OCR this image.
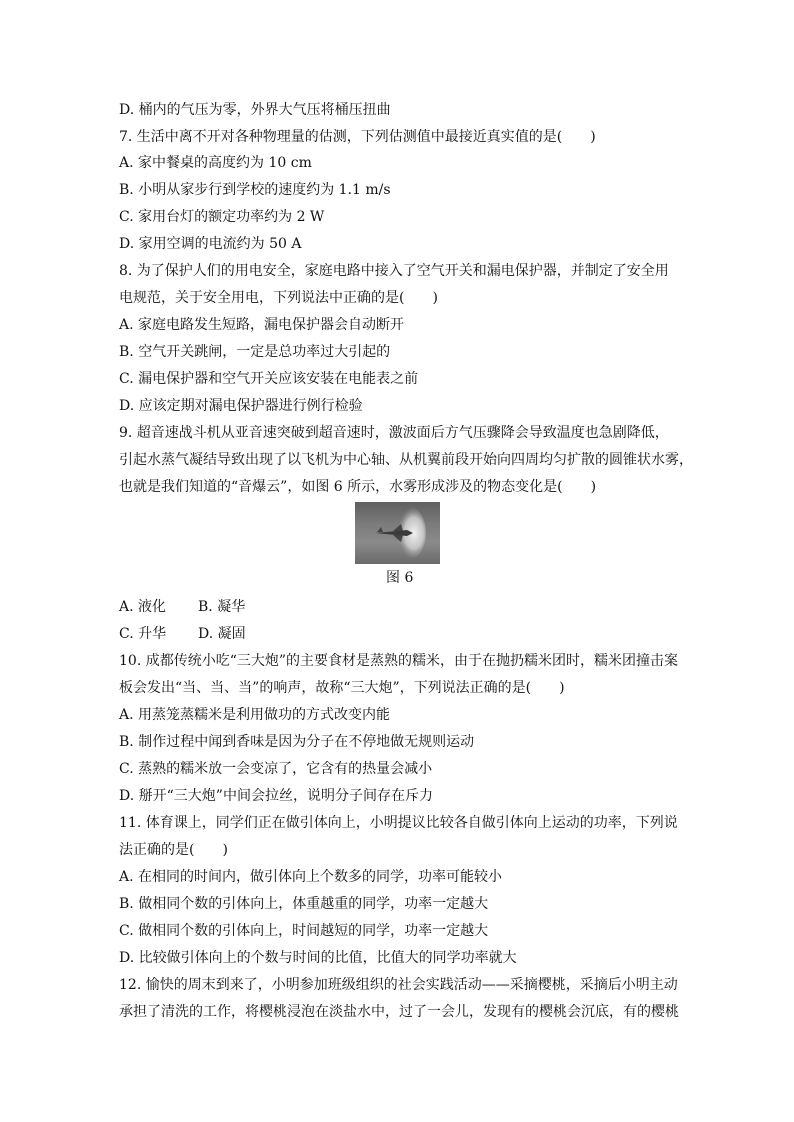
D. 桶内的气压为零，外界大气压将桶压扭曲
7. 生活中离不开对各种物理量的估测，下列估测值中最接近真实值的是(　　)
A. 家中餐桌的高度约为 10 cm
B. 小明从家步行到学校的速度约为 1.1 m/s
C. 家用台灯的额定功率约为 2 W
D. 家用空调的电流约为 50 A
8. 为了保护人们的用电安全，家庭电路中接入了空气开关和漏电保护器，并制定了安全用
电规范，关于安全用电，下列说法中正确的是(　　)
A. 家庭电路发生短路，漏电保护器会自动断开
B. 空气开关跳闸，一定是总功率过大引起的
C. 漏电保护器和空气开关应该安装在电能表之前
D. 应该定期对漏电保护器进行例行检验
9. 超音速战斗机从亚音速突破到超音速时，激波面后方气压骤降会导致温度也急剧降低，
引起水蒸气凝结导致出现了以飞机为中心轴、从机翼前段开始向四周均匀扩散的圆锥状水雾，
也就是我们知道的“音爆云”，如图 6 所示，水雾形成涉及的物态变化是(　　)
图 6
A. 液化 B. 凝华
C. 升华 D. 凝固
10. 成都传统小吃“三大炮”的主要食材是蒸熟的糯米，由于在抛扔糯米团时，糯米团撞击案
板会发出“当、当、当”的响声，故称“三大炮”，下列说法正确的是(　　)
A. 用蒸笼蒸糯米是利用做功的方式改变内能
B. 制作过程中闻到香味是因为分子在不停地做无规则运动
C. 蒸熟的糯米放一会变凉了，它含有的热量会减小
D. 掰开“三大炮”中间会拉丝，说明分子间存在斥力
11. 体育课上，同学们正在做引体向上，小明提议比较各自做引体向上运动的功率，下列说
法正确的是(　　)
A. 在相同的时间内，做引体向上个数多的同学，功率可能较小
B. 做相同个数的引体向上，体重越重的同学，功率一定越大
C. 做相同个数的引体向上，时间越短的同学，功率一定越大
D. 比较做引体向上的个数与时间的比值，比值大的同学功率就大
12. 愉快的周末到来了，小明参加班级组织的社会实践活动——采摘樱桃，采摘后小明主动
承担了清洗的工作，将樱桃浸泡在淡盐水中，过了一会儿，发现有的樱桃会沉底，有的樱桃
